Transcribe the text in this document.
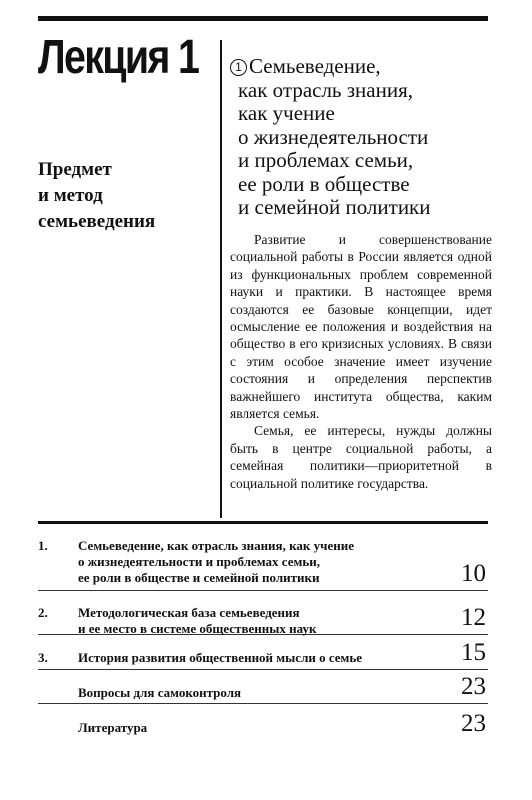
Лекция 1
Предмет
и метод
семьеведения
1 Семьеведение,
как отрасль знания,
как учение
о жизнедеятельности
и проблемах семьи,
ее роли в обществе
и семейной политики

Развитие и совершенствование социальной работы в России является одной из функциональных проблем современной науки и практики. В настоящее время создаются ее базовые концепции, идет осмысление ее положения и воздействия на общество в его кризисных условиях. В связи с этим особое значение имеет изучение состояния и определения перспектив важнейшего института общества, каким является семья.

Семья, ее интересы, нужды должны быть в центре социальной работы, а семейная политики—приоритетной в социальной политике государства.

1. Семьеведение, как отрасль знания, как учение
о жизнедеятельности и проблемах семьи,
ее роли в обществе и семейной политики	10
2. Методологическая база семьеведения
и ее место в системе общественных наук	12
3. История развития общественной мысли о семье	15
Вопросы для самоконтроля	23
Литература	23
